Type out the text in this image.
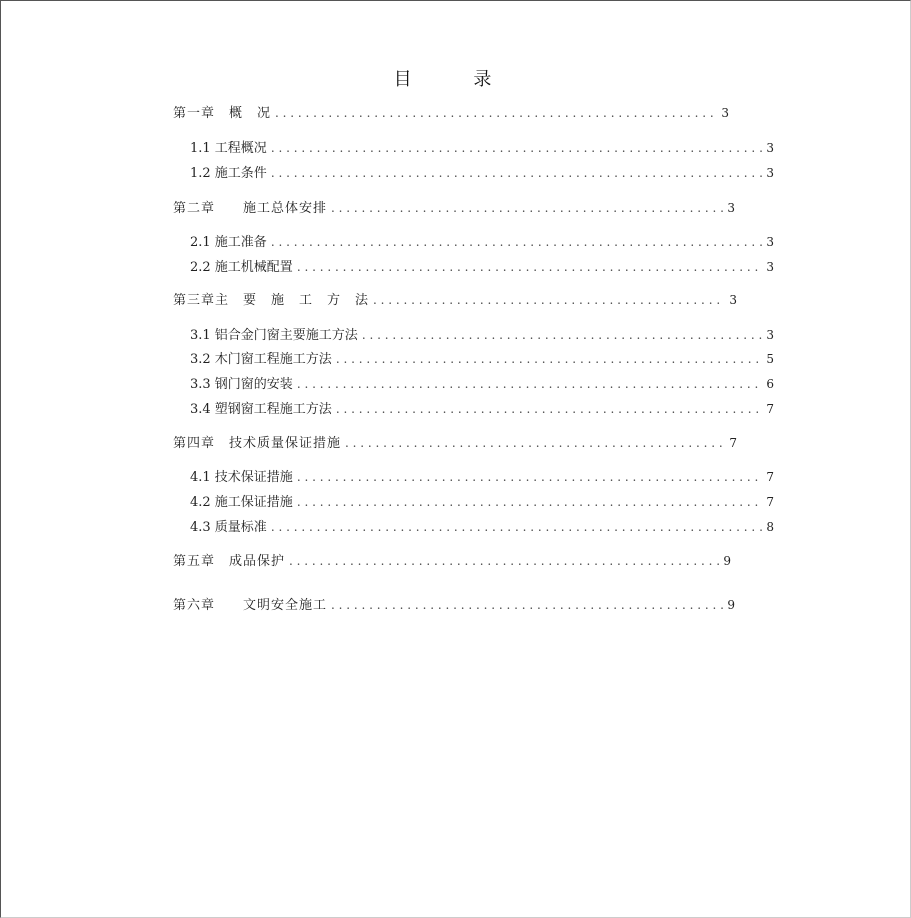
目 录
第一章　概　况 . . .	3
1.1 工程概况 . . .	3
1.2 施工条件 . . .	3
第二章　　施工总体安排 . . .	3
2.1 施工准备 . . .	3
2.2 施工机械配置 . . .	3
第三章主　要　施　工　方　法 . . .	3
3.1 铝合金门窗主要施工方法 . . .	3
3.2 木门窗工程施工方法 . . .	5
3.3 钢门窗的安装 . . .	6
3.4 塑钢窗工程施工方法 . . .	7
第四章　技术质量保证措施 . . .	7
4.1 技术保证措施 . . .	7
4.2 施工保证措施 . . .	7
4.3 质量标准 . . .	8
第五章　成品保护 . . .	9
第六章　　文明安全施工 . . .	9
